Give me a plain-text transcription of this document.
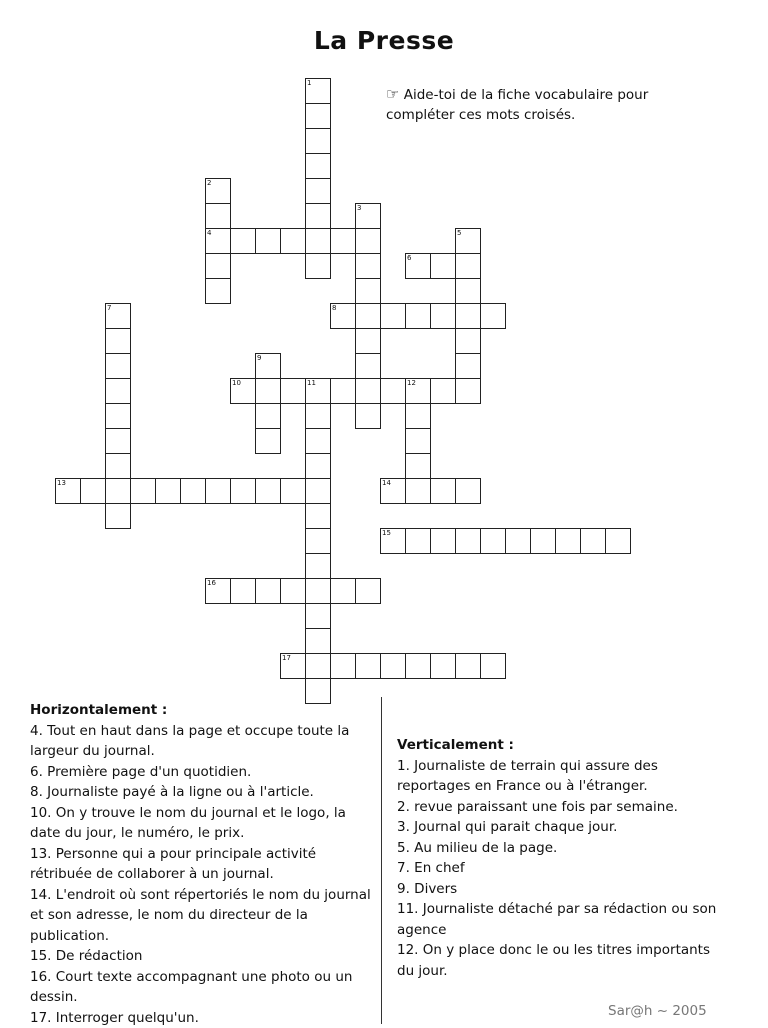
La Presse
☞ Aide-toi de la fiche vocabulaire pour compléter ces mots croisés.
1
2
4
3
5
6
7	8
9
10	11	12
13	14
15
16
17
Horizontalement :

4. Tout en haut dans la page et occupe toute la largeur du journal.

6. Première page d'un quotidien.

8. Journaliste payé à la ligne ou à l'article.

10. On y trouve le nom du journal et le logo, la date du jour, le numéro, le prix.

13. Personne qui a pour principale activité rétribuée de collaborer à un journal.

14. L'endroit où sont répertoriés le nom du journal et son adresse, le nom du directeur de la publication.

15. De rédaction

16. Court texte accompagnant une photo ou un dessin.

17. Interroger quelqu'un.

Verticalement :

1. Journaliste de terrain qui assure des reportages en France ou à l'étranger.

2. revue paraissant une fois par semaine.

3. Journal qui parait chaque jour.

5. Au milieu de la page.

7. En chef

9. Divers

11. Journaliste détaché par sa rédaction ou son agence

12. On y place donc le ou les titres importants du jour.

Sar@h ~ 2005
